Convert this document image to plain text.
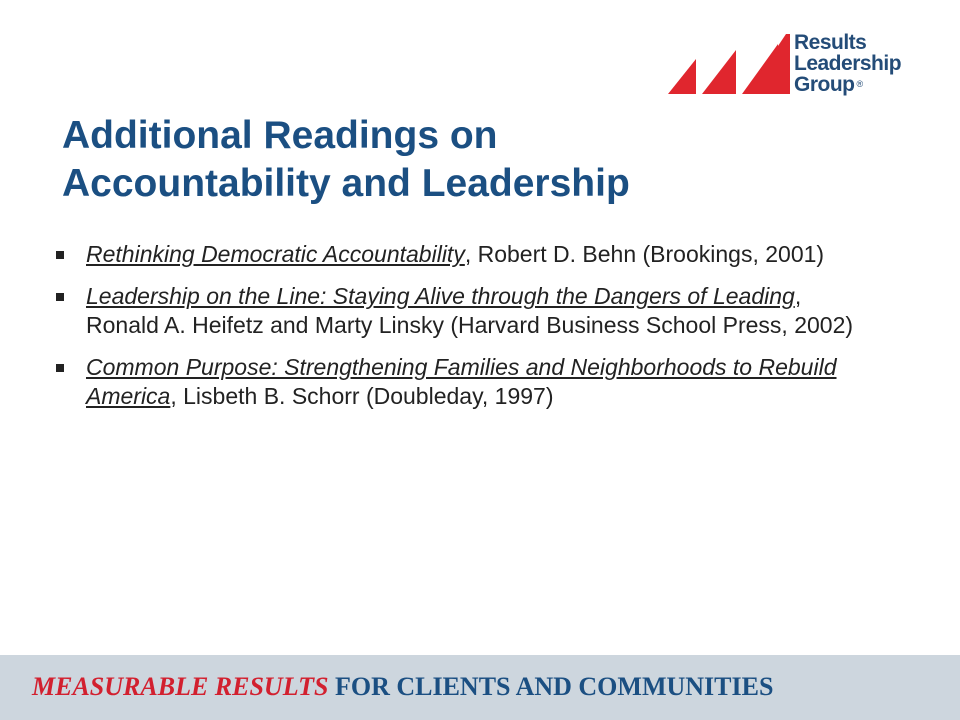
Results
Leadership
Group ®
Additional Readings on
Accountability and Leadership
Rethinking Democratic Accountability, Robert D. Behn (Brookings, 2001)
Leadership on the Line: Staying Alive through the Dangers of Leading, Ronald A. Heifetz and Marty Linsky (Harvard Business School Press, 2002)
Common Purpose: Strengthening Families and Neighborhoods to Rebuild America, Lisbeth B. Schorr (Doubleday, 1997)
MEASURABLE RESULTS FOR CLIENTS AND COMMUNITIES
